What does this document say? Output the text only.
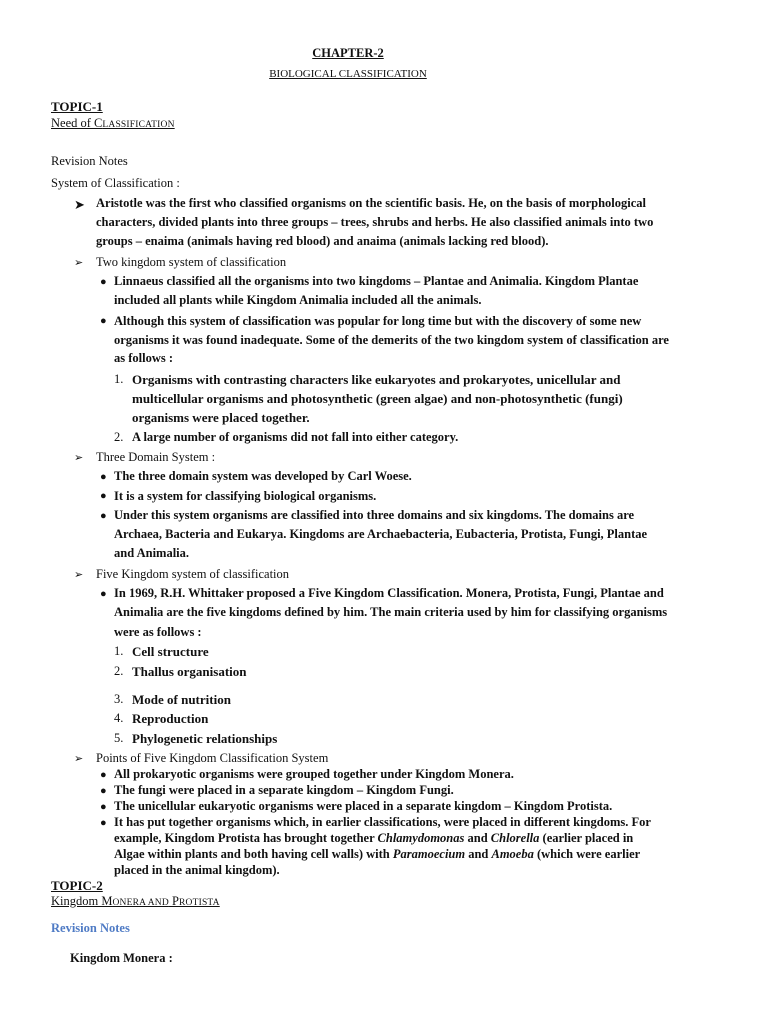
CHAPTER-2
BIOLOGICAL CLASSIFICATION
TOPIC-1
Need of CLASSIFICATION
Revision Notes
System of Classification :
➤ Aristotle was the first who classified organisms on the scientific basis. He, on the basis of morphological
characters, divided plants into three groups – trees, shrubs and herbs. He also classified animals into two
groups – enaima (animals having red blood) and anaima (animals lacking red blood).
➢ Two kingdom system of classification
● Linnaeus classified all the organisms into two kingdoms – Plantae and Animalia. Kingdom Plantae
included all plants while Kingdom Animalia included all the animals.
● Although this system of classification was popular for long time but with the discovery of some new
organisms it was found inadequate. Some of the demerits of the two kingdom system of classification are
as follows :
1. Organisms with contrasting characters like eukaryotes and prokaryotes, unicellular and
multicellular organisms and photosynthetic (green algae) and non-photosynthetic (fungi)
organisms were placed together.
2. A large number of organisms did not fall into either category.
➢ Three Domain System :
● The three domain system was developed by Carl Woese.
● It is a system for classifying biological organisms.
● Under this system organisms are classified into three domains and six kingdoms. The domains are
Archaea, Bacteria and Eukarya. Kingdoms are Archaebacteria, Eubacteria, Protista, Fungi, Plantae
and Animalia.
➢ Five Kingdom system of classification
● In 1969, R.H. Whittaker proposed a Five Kingdom Classification. Monera, Protista, Fungi, Plantae and
Animalia are the five kingdoms defined by him. The main criteria used by him for classifying organisms
were as follows :
1. Cell structure
2. Thallus organisation
3. Mode of nutrition
4. Reproduction
5. Phylogenetic relationships
➢ Points of Five Kingdom Classification System
● All prokaryotic organisms were grouped together under Kingdom Monera.
● The fungi were placed in a separate kingdom – Kingdom Fungi.
● The unicellular eukaryotic organisms were placed in a separate kingdom – Kingdom Protista.
● It has put together organisms which, in earlier classifications, were placed in different kingdoms. For
example, Kingdom Protista has brought together Chlamydomonas and Chlorella (earlier placed in
Algae within plants and both having cell walls) with Paramoecium and Amoeba (which were earlier
placed in the animal kingdom).
TOPIC-2
Kingdom MONERA AND PROTISTA
Revision Notes
Kingdom Monera :
